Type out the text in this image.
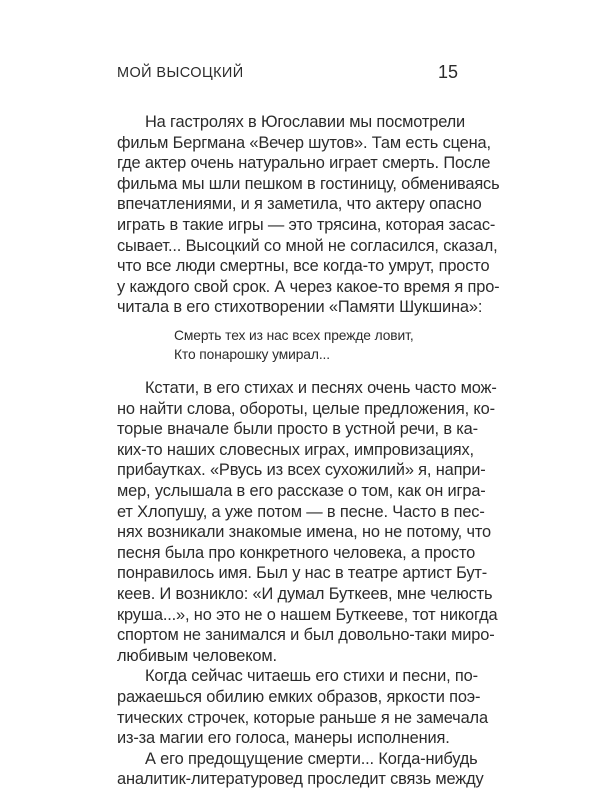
МОЙ ВЫСОЦКИЙ	15
На гастролях в Югославии мы посмотрели
фильм Бергмана «Вечер шутов». Там есть сцена,
где актер очень натурально играет смерть. После
фильма мы шли пешком в гостиницу, обмениваясь
впечатлениями, и я заметила, что актеру опасно
играть в такие игры — это трясина, которая засас-
сывает... Высоцкий со мной не согласился, сказал,
что все люди смертны, все когда-то умрут, просто
у каждого свой срок. А через какое-то время я про-
читала в его стихотворении «Памяти Шукшина»:
Смерть тех из нас всех прежде ловит,
Кто понарошку умирал...
Кстати, в его стихах и песнях очень часто мож-
но найти слова, обороты, целые предложения, ко-
торые вначале были просто в устной речи, в ка-
ких-то наших словесных играх, импровизациях,
прибаутках. «Рвусь из всех сухожилий» я, напри-
мер, услышала в его рассказе о том, как он игра-
ет Хлопушу, а уже потом — в песне. Часто в пес-
нях возникали знакомые имена, но не потому, что
песня была про конкретного человека, а просто
понравилось имя. Был у нас в театре артист Бут-
кеев. И возникло: «И думал Буткеев, мне челюсть
круша...», но это не о нашем Буткееве, тот никогда
спортом не занимался и был довольно-таки миро-
любивым человеком.
Когда сейчас читаешь его стихи и песни, по-
ражаешься обилию емких образов, яркости поэ-
тических строчек, которые раньше я не замечала
из-за магии его голоса, манеры исполнения.
А его предощущение смерти... Когда-нибудь
аналитик-литературовед проследит связь между
